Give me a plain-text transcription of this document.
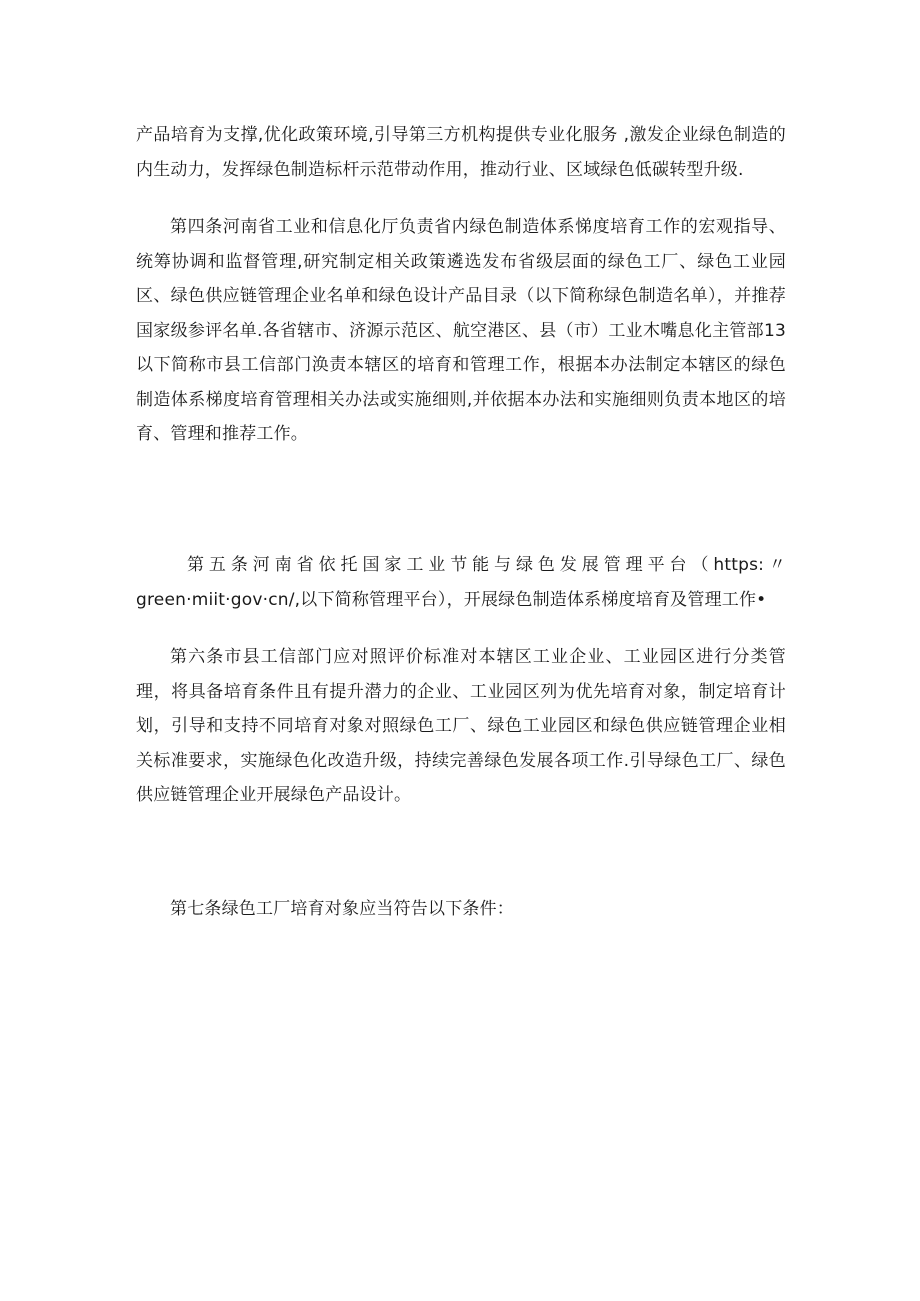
产品培育为支撑,优化政策环境,引导第三方机构提供专业化服务 ,激发企业绿色制造的内生动力，发挥绿色制造标杆示范带动作用，推动行业、区域绿色低碳转型升级.

第四条河南省工业和信息化厅负责省内绿色制造体系悌度培育工作的宏观指导、统筹协调和监督管理,研究制定相关政策遴选发布省级层面的绿色工厂、绿色工业园区、绿色供应链管理企业名单和绿色设计产品目录（以下简称绿色制造名单），并推荐国家级参评名单.各省辖市、济源示范区、航空港区、县（市）工业木嘴息化主管部13以下简称市县工信部门涣责本辖区的培育和管理工作，根据本办法制定本辖区的绿色制造体系梯度培育管理相关办法或实施细则,并依据本办法和实施细则负责本地区的培育、管理和推荐工作。

第五条河南省依托国家工业节能与绿色发展管理平台（https:〃green·miit·gov·cn/,以下简称管理平台），开展绿色制造体系梯度培育及管理工作•

第六条市县工信部门应对照评价标准对本辖区工业企业、工业园区进行分类管理，将具备培育条件且有提升潜力的企业、工业园区列为优先培育对象，制定培育计划，引导和支持不同培育对象对照绿色工厂、绿色工业园区和绿色供应链管理企业相关标准要求，实施绿色化改造升级，持续完善绿色发展各项工作.引导绿色工厂、绿色供应链管理企业开展绿色产品设计。

第七条绿色工厂培育对象应当符告以下条件：
